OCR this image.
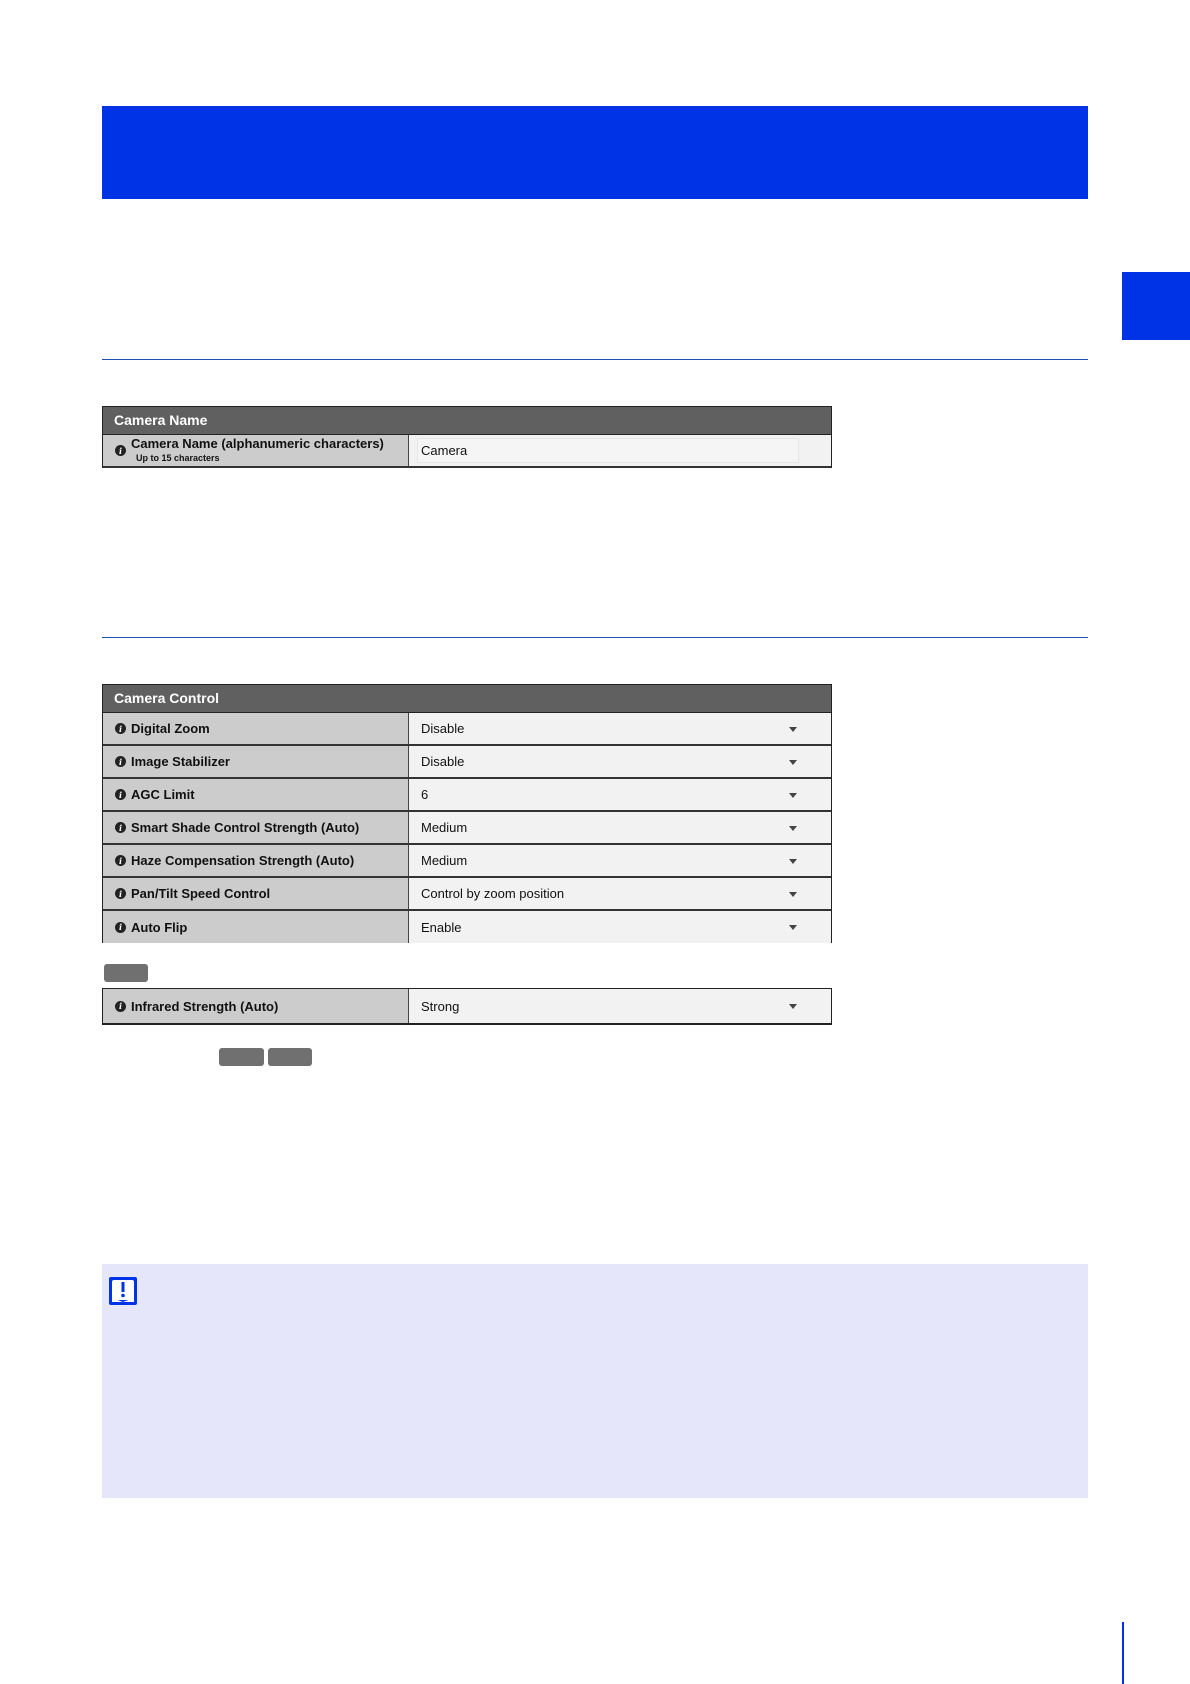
Camera Name
i Camera Name (alphanumeric characters)
Up to 15 characters	Camera
Camera Control
i Digital Zoom	Disable
i Image Stabilizer	Disable
i AGC Limit	6
i Smart Shade Control Strength (Auto)	Medium
i Haze Compensation Strength (Auto)	Medium
i Pan/Tilt Speed Control	Control by zoom position
i Auto Flip	Enable
i Infrared Strength (Auto)	Strong
